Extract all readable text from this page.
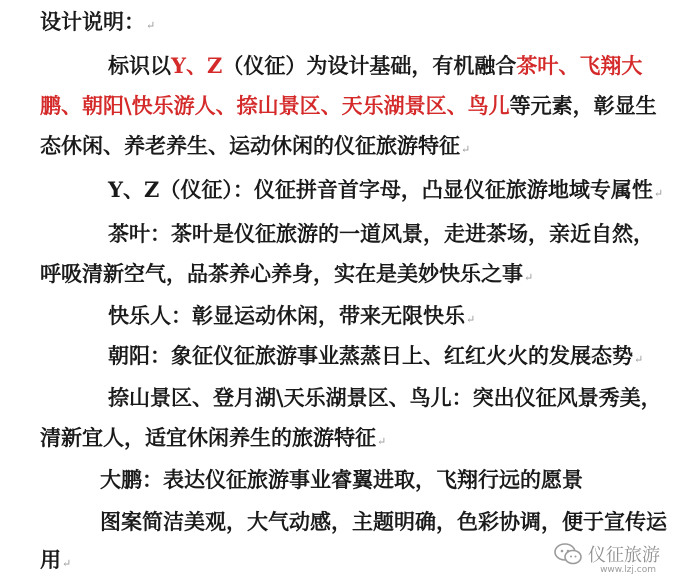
设计说明：↵
标识以Y、Z（仪征）为设计基础，有机融合茶叶、飞翔大
鹏、朝阳\快乐游人、捺山景区、天乐湖景区、鸟儿等元素，彰显生
态休闲、养老养生、运动休闲的仪征旅游特征↵
Y、Z（仪征）：仪征拼音首字母，凸显仪征旅游地域专属性↵
茶叶：茶叶是仪征旅游的一道风景，走进茶场，亲近自然，
呼吸清新空气，品茶养心养身，实在是美妙快乐之事↵
快乐人：彰显运动休闲，带来无限快乐↵
朝阳：象征仪征旅游事业蒸蒸日上、红红火火的发展态势↵
捺山景区、登月湖\天乐湖景区、鸟儿：突出仪征风景秀美，
清新宜人，适宜休闲养生的旅游特征↵
大鹏：表达仪征旅游事业睿翼进取，飞翔行远的愿景
图案简洁美观，大气动感，主题明确，色彩协调，便于宣传运
用↵	仪征旅游
www.lzj.com
